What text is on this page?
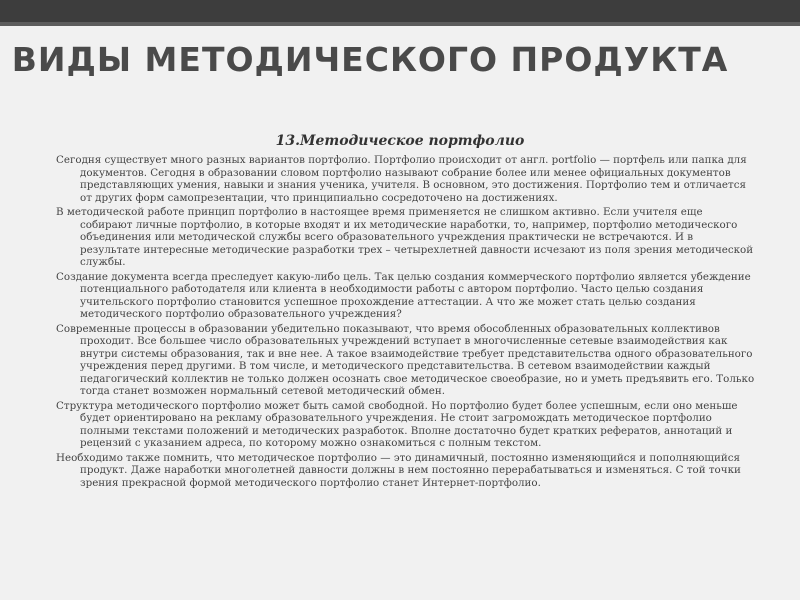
ВИДЫ МЕТОДИЧЕСКОГО ПРОДУКТА
13.Методическое портфолио

Сегодня существует много разных вариантов портфолио. Портфолио происходит от англ. portfolio — портфель или папка для документов. Сегодня в образовании словом портфолио называют собрание более или менее официальных документов представляющих умения, навыки и знания ученика, учителя. В основном, это достижения. Портфолио тем и отличается от других форм самопрезентации, что принципиально сосредоточено на достижениях.

В методической работе принцип портфолио в настоящее время применяется не слишком активно. Если учителя еще собирают личные портфолио, в которые входят и их методические наработки, то, например, портфолио методического объединения или методической службы всего образовательного учреждения практически не встречаются. И в результате интересные методические разработки трех – четырехлетней давности исчезают из поля зрения методической службы.

Создание документа всегда преследует какую-либо цель. Так целью создания коммерческого портфолио является убеждение потенциального работодателя или клиента в необходимости работы с автором портфолио. Часто целью создания учительского портфолио становится успешное прохождение аттестации. А что же может стать целью создания методического портфолио образовательного учреждения?

Современные процессы в образовании убедительно показывают, что время обособленных образовательных коллективов проходит. Все большее число образовательных учреждений вступает в многочисленные сетевые взаимодействия как внутри системы образования, так и вне нее. А такое взаимодействие требует представительства одного образовательного учреждения перед другими. В том числе, и методического представительства. В сетевом взаимодействии каждый педагогический коллектив не только должен осознать свое методическое своеобразие, но и уметь предъявить его. Только тогда станет возможен нормальный сетевой методический обмен.

Структура методического портфолио может быть самой свободной. Но портфолио будет более успешным, если оно меньше будет ориентировано на рекламу образовательного учреждения. Не стоит загромождать методическое портфолио полными текстами положений и методических разработок. Вполне достаточно будет кратких рефератов, аннотаций и рецензий с указанием адреса, по которому можно ознакомиться с полным текстом.

Необходимо также помнить, что методическое портфолио — это динамичный, постоянно изменяющийся и пополняющийся продукт. Даже наработки многолетней давности должны в нем постоянно перерабатываться и изменяться. С той точки зрения прекрасной формой методического портфолио станет Интернет-портфолио.
